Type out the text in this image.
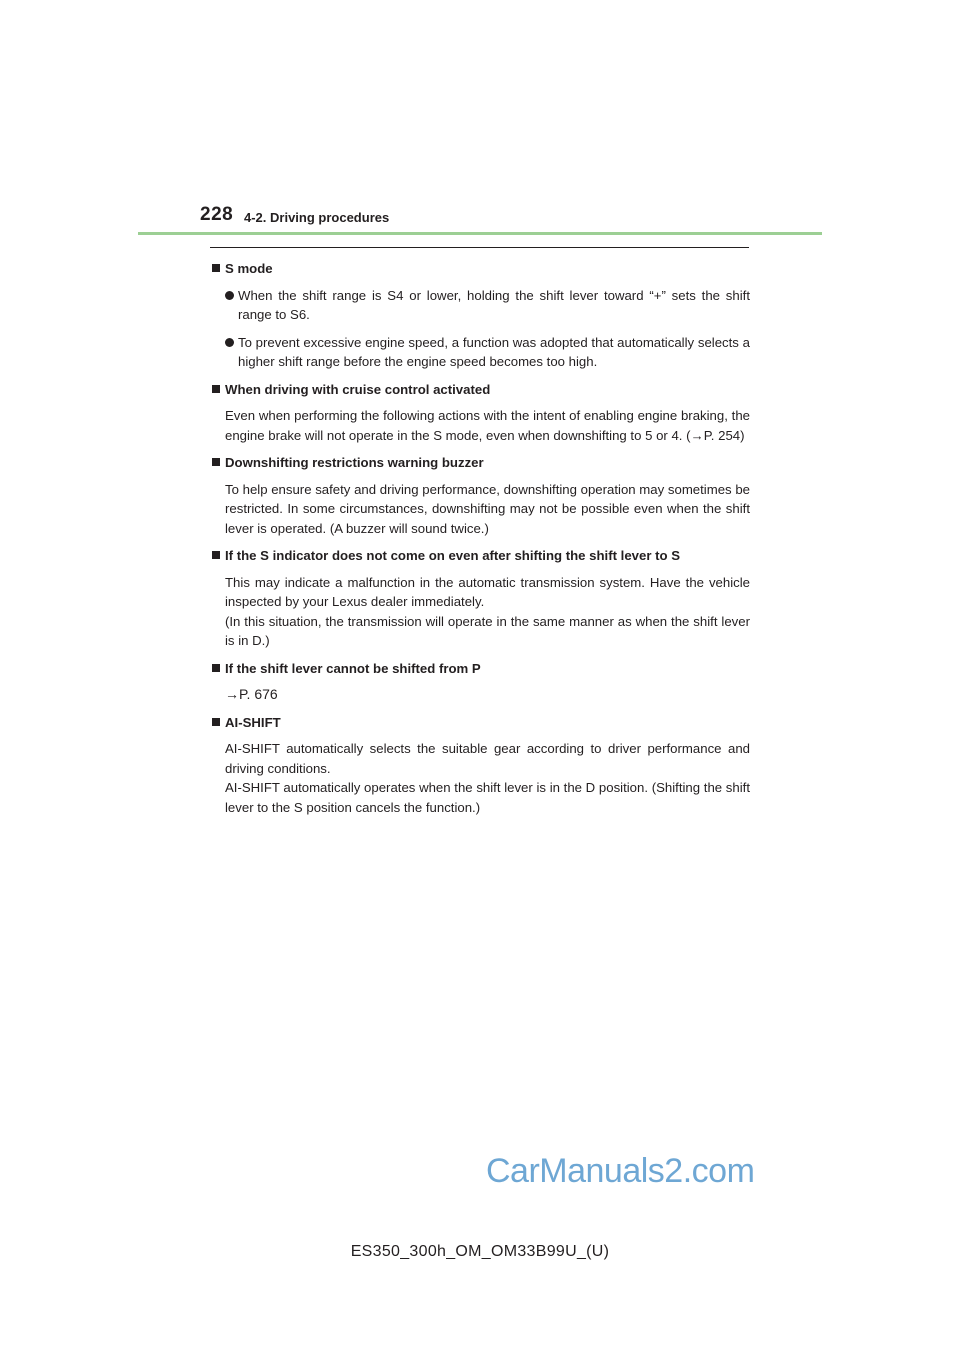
228 4-2. Driving procedures
S mode
When the shift range is S4 or lower, holding the shift lever toward “+” sets the shift range to S6.
To prevent excessive engine speed, a function was adopted that automatically selects a higher shift range before the engine speed becomes too high.
When driving with cruise control activated
Even when performing the following actions with the intent of enabling engine braking, the engine brake will not operate in the S mode, even when downshifting to 5 or 4. (→P. 254)
Downshifting restrictions warning buzzer
To help ensure safety and driving performance, downshifting operation may sometimes be restricted. In some circumstances, downshifting may not be possible even when the shift lever is operated. (A buzzer will sound twice.)
If the S indicator does not come on even after shifting the shift lever to S
This may indicate a malfunction in the automatic transmission system. Have the vehicle inspected by your Lexus dealer immediately.
(In this situation, the transmission will operate in the same manner as when the shift lever is in D.)
If the shift lever cannot be shifted from P
→P. 676
AI-SHIFT
AI-SHIFT automatically selects the suitable gear according to driver performance and driving conditions.
AI-SHIFT automatically operates when the shift lever is in the D position. (Shifting the shift lever to the S position cancels the function.)
CarManuals2.com
ES350_300h_OM_OM33B99U_(U)
